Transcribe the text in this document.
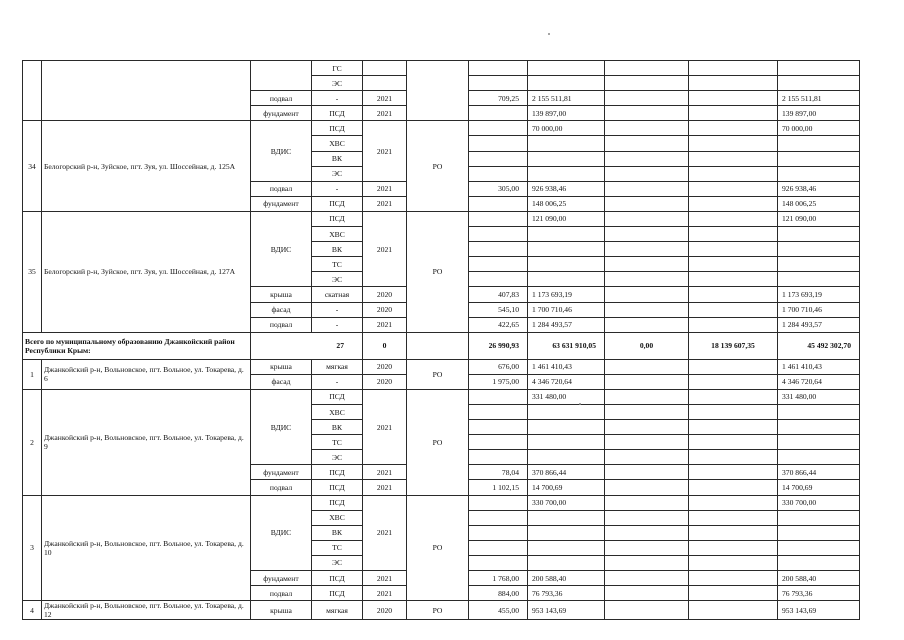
			ГС							
			ЭС							
		подвал	-	2021		709,25	2 155 511,81			2 155 511,81
		фундамент	ПСД	2021			139 897,00			139 897,00
34	Белогорский р-н, Зуйское, пгт. Зуя, ул. Шоссейная, д. 125А	ВДИС	ПСД	2021	РО		70 000,00			70 000,00
			ХВС							
			ВК							
			ЭС							
		подвал	-	2021		305,00	926 938,46			926 938,46
		фундамент	ПСД	2021			148 006,25			148 006,25
35	Белогорский р-н, Зуйское, пгт. Зуя, ул. Шоссейная, д. 127А	ВДИС	ПСД	2021	РО		121 090,00			121 090,00
			ХВС							
			ВК							
			ТС							
			ЭС							
		крыша	скатная	2020		407,83	1 173 693,19			1 173 693,19
		фасад	-	2020		545,10	1 700 710,46			1 700 710,46
		подвал	-	2021		422,65	1 284 493,57			1 284 493,57
Всего по муниципальному образованию Джанкойский район Республики Крым:		27		0		26 990,93	63 631 910,05	0,00	18 139 607,35	45 492 302,70
1	Джанкойский р-н, Вольновское, пгт. Вольное, ул. Токарева, д. 6	крыша	мягкая	2020	РО	676,00	1 461 410,43			1 461 410,43
		фасад	-	2020		1 975,00	4 346 720,64			4 346 720,64
2	Джанкойский р-н, Вольновское, пгт. Вольное, ул. Токарева, д. 9	ВДИС	ПСД	2021	РО		331 480,00			331 480,00
			ХВС							
			ВК							
			ТС							
			ЭС							
		фундамент	ПСД	2021		78,04	370 866,44			370 866,44
		подвал	ПСД	2021		1 102,15	14 700,69			14 700,69
3	Джанкойский р-н, Вольновское, пгт. Вольное, ул. Токарева, д. 10	ВДИС	ПСД	2021	РО		330 700,00			330 700,00
			ХВС							
			ВК							
			ТС							
			ЭС							
		фундамент	ПСД	2021		1 768,00	200 588,40			200 588,40
		подвал	ПСД	2021		884,00	76 793,36			76 793,36
4	Джанкойский р-н, Вольновское, пгт. Вольное, ул. Токарева, д. 12	крыша	мягкая	2020	РО	455,00	953 143,69			953 143,69
